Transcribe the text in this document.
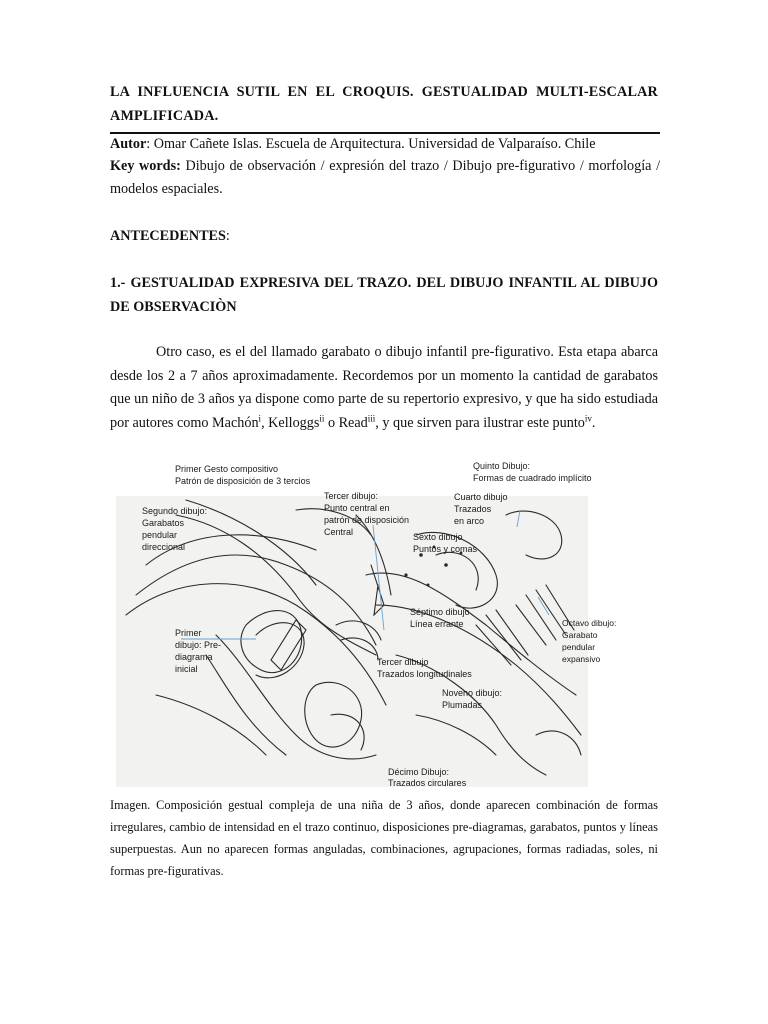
LA INFLUENCIA SUTIL EN EL CROQUIS. GESTUALIDAD MULTI-ESCALAR
AMPLIFICADA.
Autor: Omar Cañete Islas. Escuela de Arquitectura. Universidad de Valparaíso. Chile
Key words: Dibujo de observación / expresión del trazo / Dibujo pre-figurativo / morfología / modelos espaciales.
ANTECEDENTES:
1.- GESTUALIDAD EXPRESIVA DEL TRAZO. DEL DIBUJO INFANTIL AL DIBUJO
DE OBSERVACIÒN
Otro caso, es el del llamado garabato o dibujo infantil pre-figurativo. Esta etapa abarca desde los 2 a 7 años aproximadamente. Recordemos por un momento la cantidad de garabatos que un niño de 3 años ya dispone como parte de su repertorio expresivo, y que ha sido estudiada por autores como Machón$^i$, Kelloggs$^{ii}$ o Read$^{iii}$, y que sirven para ilustrar este punto$^{iv}$.
Primer Gesto compositivo Patrón de disposición de 3 tercios
Quinto Dibujo: Formas de cuadrado implícito
Tercer dibujo: Punto central en patrón de disposición Central
Cuarto dibujo Trazados en arco
Segundo dibujo: Garabatos pendular direccional
Sexto dibujo Puntos y comas
Séptimo dibujo Línea errante	Octavo dibujo: Garabato pendular expansivo
Primer dibujo: Pre-diagrama inicial
Tercer dibujo Trazados longitudinales
Noveno dibujo: Plumadas
Décimo Dibujo: Trazados circulares
Imagen. Composición gestual compleja de una niña de 3 años, donde aparecen combinación de formas irregulares, cambio de intensidad en el trazo continuo, disposiciones pre-diagramas, garabatos, puntos y líneas superpuestas. Aun no aparecen formas anguladas, combinaciones, agrupaciones, formas radiadas, soles, ni formas pre-figurativas.
